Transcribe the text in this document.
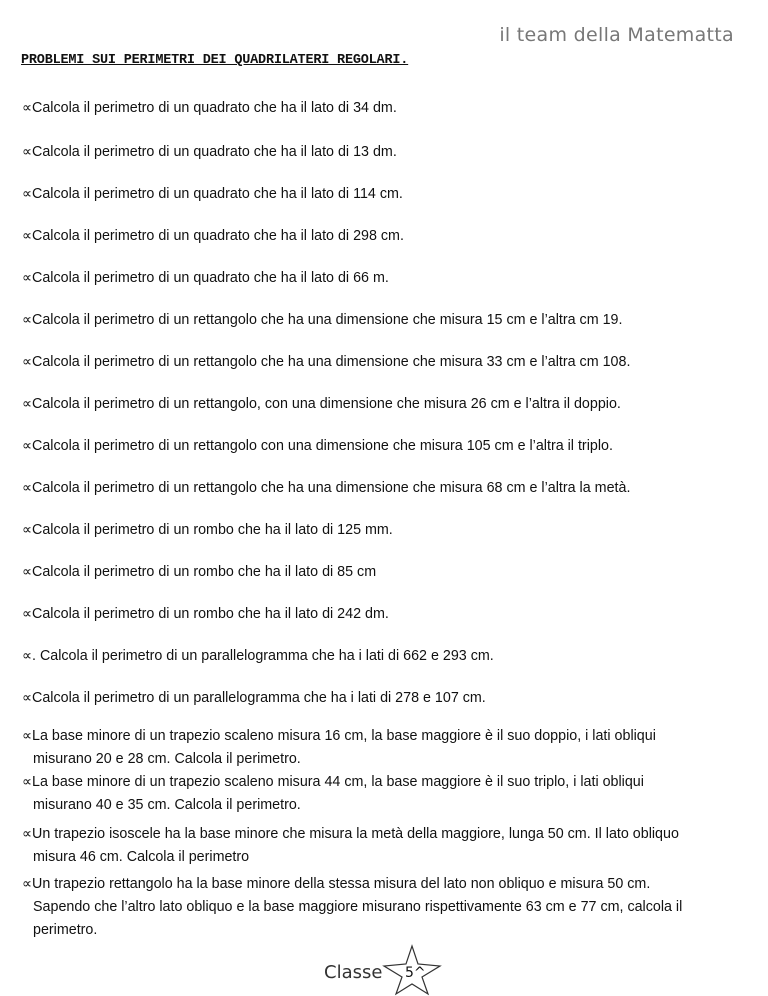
il team della Matematta
PROBLEMI SUI PERIMETRI DEI QUADRILATERI REGOLARI.
∝Calcola il perimetro di un quadrato che ha il lato di 34 dm.
∝Calcola il perimetro di un quadrato che ha il lato di 13 dm.
∝Calcola il perimetro di un quadrato che ha il lato di 114 cm.
∝Calcola il perimetro di un quadrato che ha il lato di 298 cm.
∝Calcola il perimetro di un quadrato che ha il lato di 66 m.
∝Calcola il perimetro di un rettangolo che ha una dimensione che misura 15 cm e l’altra cm 19.
∝Calcola il perimetro di un rettangolo che ha una dimensione che misura 33 cm e l’altra cm 108.
∝Calcola il perimetro di un rettangolo, con una dimensione che misura 26 cm e l’altra il doppio.
∝Calcola il perimetro di un rettangolo con una dimensione che misura 105 cm e l’altra il triplo.
∝Calcola il perimetro di un rettangolo che ha una dimensione che misura 68 cm e l’altra la metà.
∝Calcola il perimetro di un rombo che ha il lato di 125 mm.
∝Calcola il perimetro di un rombo che ha il lato di 85 cm
∝Calcola il perimetro di un rombo che ha il lato di 242 dm.
∝. Calcola il perimetro di un parallelogramma che ha i lati di 662 e 293 cm.
∝Calcola il perimetro di un parallelogramma che ha i lati di 278 e 107 cm.
∝La base minore di un trapezio scaleno misura 16 cm, la base maggiore è il suo doppio, i lati obliqui
misurano 20 e 28 cm. Calcola il perimetro.
∝La base minore di un trapezio scaleno misura 44 cm, la base maggiore è il suo triplo, i lati obliqui
misurano 40 e 35 cm. Calcola il perimetro.
∝Un trapezio isoscele ha la base minore che misura la metà della maggiore, lunga 50 cm. Il lato obliquo
misura 46 cm. Calcola il perimetro
∝Un trapezio rettangolo ha la base minore della stessa misura del lato non obliquo e misura 50 cm.
Sapendo che l’altro lato obliquo e la base maggiore misurano rispettivamente 63 cm e 77 cm, calcola il
perimetro.
Classe 5^
